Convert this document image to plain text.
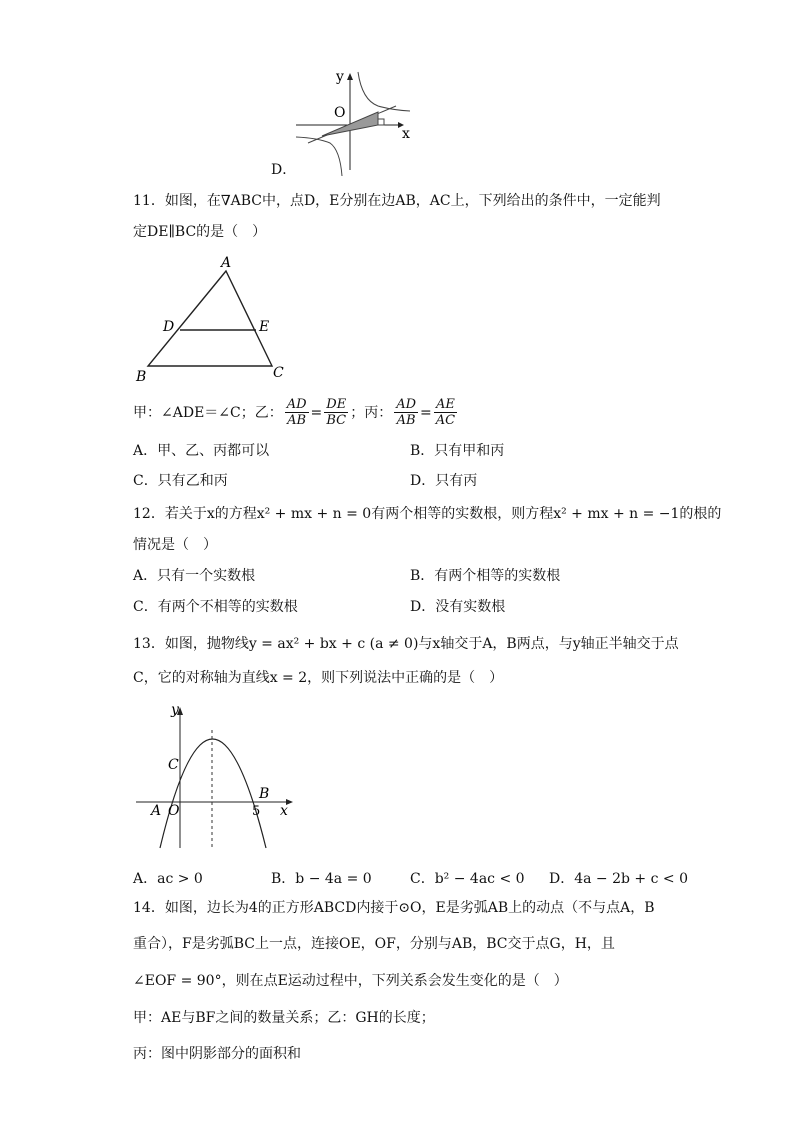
y
x
O
D．
11．如图，在∇ABC中，点D，E分别在边AB，AC上，下列给出的条件中，一定能判
定DE∥BC的是（　）
A
B	C
D	E
甲：∠ADE＝∠C；乙： $\frac{AD}{AB} = \frac{DE}{BC}$ ；丙： $\frac{AD}{AB} = \frac{AE}{AC}$
A．甲、乙、丙都可以	B．只有甲和丙
C．只有乙和丙	D．只有丙
12．若关于x的方程x² + mx + n = 0有两个相等的实数根，则方程x² + mx + n = −1的根的
情况是（　）
A．只有一个实数根	B．有两个相等的实数根
C．有两个不相等的实数根	D．没有实数根
13．如图，抛物线y = ax² + bx + c (a ≠ 0)与x轴交于A，B两点，与y轴正半轴交于点
C，它的对称轴为直线x = 2，则下列说法中正确的是（　）
y
x
C
A O
B
5
A．ac > 0	B．b − 4a = 0	C．b² − 4ac < 0 D．4a − 2b + c < 0
14．如图，边长为4的正方形ABCD内接于⊙O，E是劣弧AB上的动点（不与点A，B
重合），F是劣弧BC上一点，连接OE，OF，分别与AB，BC交于点G，H，且
∠EOF = 90°，则在点E运动过程中，下列关系会发生变化的是（　）
甲：AE与BF之间的数量关系；乙：GH的长度；
丙：图中阴影部分的面积和
